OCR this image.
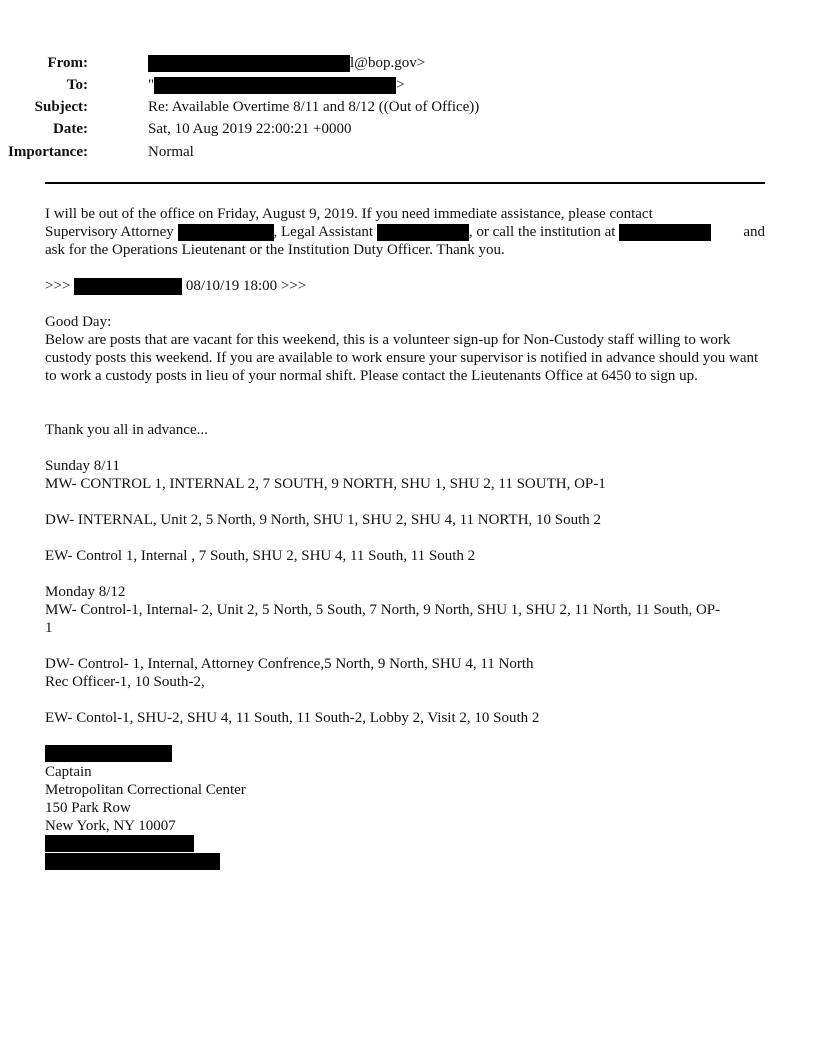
From:	l@bop.gov>
To:	"	>
Subject:	Re: Available Overtime 8/11 and 8/12 ((Out of Office))
Date:	Sat, 10 Aug 2019 22:00:21 +0000
Importance:	Normal
I will be out of the office on Friday, August 9, 2019. If you need immediate assistance, please contact
Supervisory Attorney	, Legal Assistant	, or call the institution at	and
ask for the Operations Lieutenant or the Institution Duty Officer. Thank you.
>>>	08/10/19 18:00 >>>
Good Day:
Below are posts that are vacant for this weekend, this is a volunteer sign-up for Non-Custody staff willing to work custody posts this weekend. If you are available to work ensure your supervisor is notified in advance should you want to work a custody posts in lieu of your normal shift. Please contact the Lieutenants Office at 6450 to sign up.
Thank you all in advance...
Sunday 8/11
MW- CONTROL 1, INTERNAL 2, 7 SOUTH, 9 NORTH, SHU 1, SHU 2, 11 SOUTH, OP-1
DW- INTERNAL, Unit 2, 5 North, 9 North, SHU 1, SHU 2, SHU 4, 11 NORTH, 10 South 2
EW- Control 1, Internal , 7 South, SHU 2, SHU 4, 11 South, 11 South 2
Monday 8/12
MW- Control-1, Internal- 2, Unit 2, 5 North, 5 South, 7 North, 9 North, SHU 1, SHU 2, 11 North, 11 South, OP-
1
DW- Control- 1, Internal, Attorney Confrence,5 North, 9 North, SHU 4, 11 North
Rec Officer-1, 10 South-2,
EW- Contol-1, SHU-2, SHU 4, 11 South, 11 South-2, Lobby 2, Visit 2, 10 South 2
Captain
Metropolitan Correctional Center
150 Park Row
New York, NY 10007
